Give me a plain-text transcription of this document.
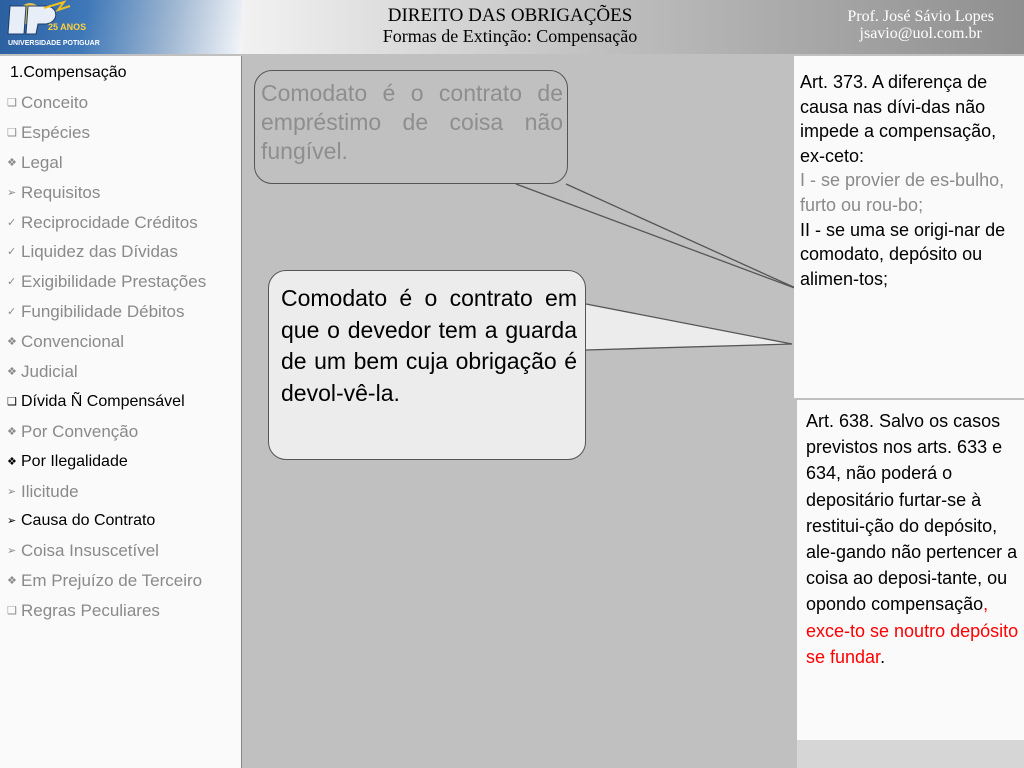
25 ANOS
UNIVERSIDADE POTIGUAR
DIREITO DAS OBRIGAÇÕES
Formas de Extinção: Compensação
Prof. José Sávio Lopes
jsavio@uol.com.br
1.Compensação
❑ Conceito
❑ Espécies
❖ Legal
➢ Requisitos
✓ Reciprocidade Créditos
✓ Liquidez das Dívidas
✓ Exigibilidade Prestações
✓ Fungibilidade Débitos
❖ Convencional
❖ Judicial
❑ Dívida Ñ Compensável
❖ Por Convenção
❖ Por Ilegalidade
➢ Ilicitude
➢ Causa do Contrato
➢ Coisa Insuscetível
❖ Em Prejuízo de Terceiro
❑ Regras Peculiares

Comodato é o contrato de empréstimo de coisa não fungível.

Comodato é o contrato em que o devedor tem a guarda de um bem cuja obrigação é devol-vê-la.

Art. 373. A diferença de causa nas dívi-das não impede a compensação, ex-ceto:
I - se provier de es-bulho, furto ou rou-bo;
II - se uma se origi-nar de comodato, depósito ou alimen-tos;

Art. 638. Salvo os casos previstos nos arts. 633 e 634, não poderá o depositário furtar-se à restitui-ção do depósito, ale-gando não pertencer a coisa ao deposi-tante, ou opondo compensação, exce-to se noutro depósito se fundar.
